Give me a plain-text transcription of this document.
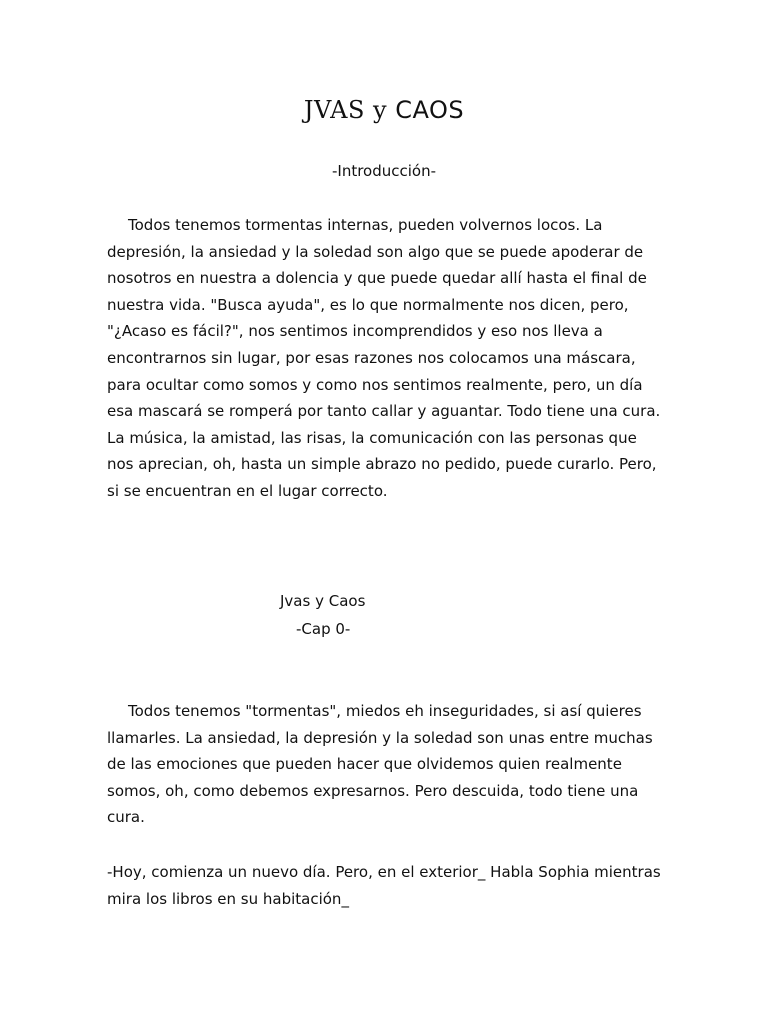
JVAS y CAOS

-Introducción-

Todos tenemos tormentas internas, pueden volvernos locos. La depresión, la ansiedad y la soledad son algo que se puede apoderar de nosotros en nuestra a dolencia y que puede quedar allí hasta el final de nuestra vida. "Busca ayuda", es lo que normalmente nos dicen, pero, "¿Acaso es fácil?", nos sentimos incomprendidos y eso nos lleva a encontrarnos sin lugar, por esas razones nos colocamos una máscara, para ocultar como somos y como nos sentimos realmente, pero, un día esa mascará se romperá por tanto callar y aguantar. Todo tiene una cura. La música, la amistad, las risas, la comunicación con las personas que nos aprecian, oh, hasta un simple abrazo no pedido, puede curarlo. Pero, si se encuentran en el lugar correcto.

Jvas y Caos

-Cap 0-

Todos tenemos "tormentas", miedos eh inseguridades, si así quieres llamarles. La ansiedad, la depresión y la soledad son unas entre muchas de las emociones que pueden hacer que olvidemos quien realmente somos, oh, como debemos expresarnos. Pero descuida, todo tiene una cura.

-Hoy, comienza un nuevo día. Pero, en el exterior_ Habla Sophia mientras mira los libros en su habitación_
